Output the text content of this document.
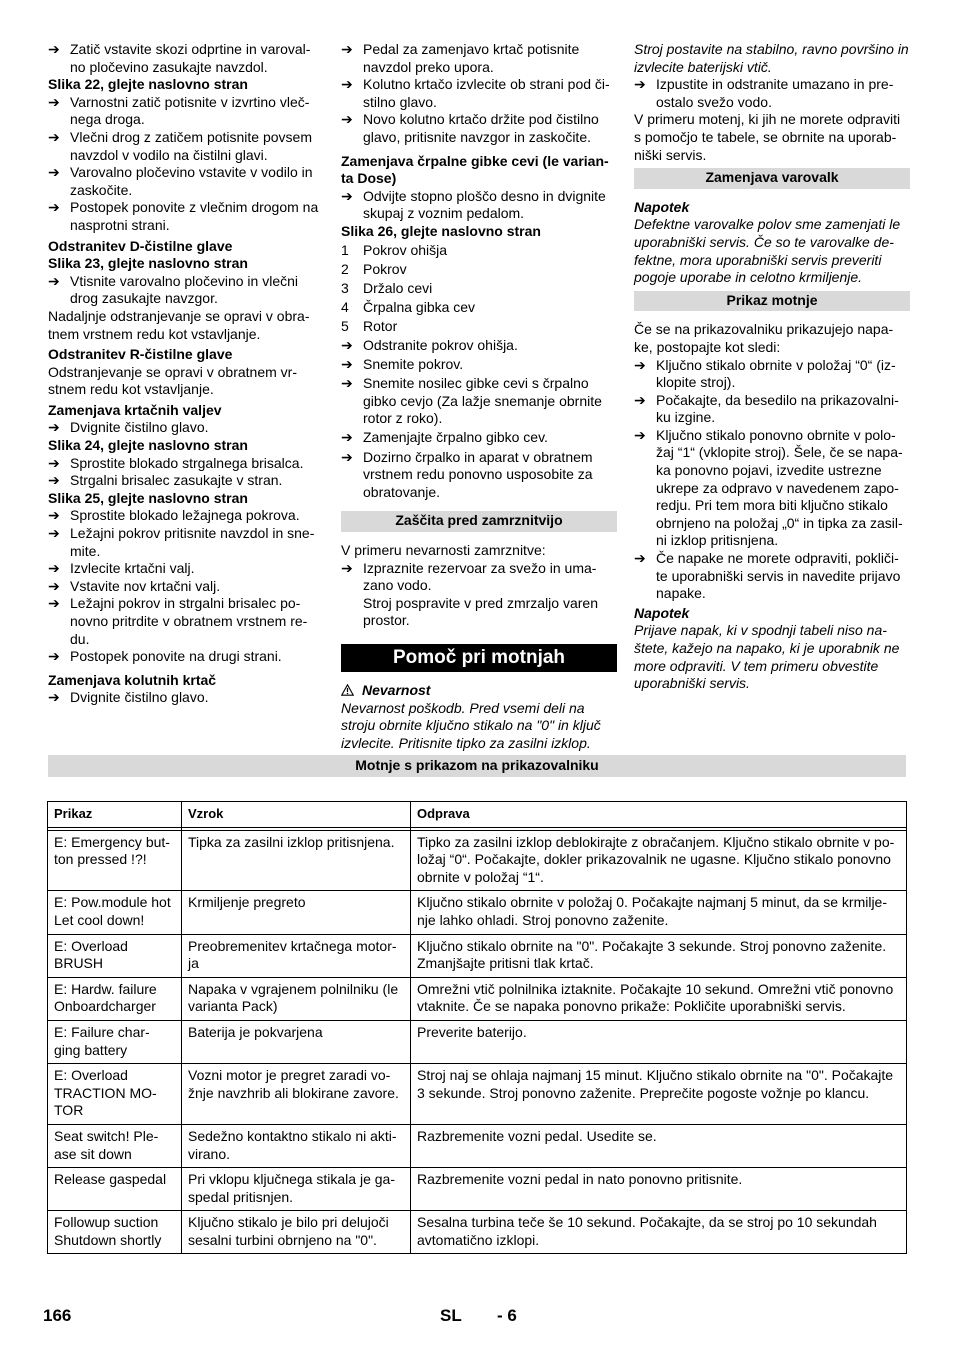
➔ Zatič vstavite skozi odprtine in varoval-no pločevino zasukajte navzdol.

Slika 22, glejte naslovno stran

➔ Varnostni zatič potisnite v izvrtino vleč-nega droga.
➔ Vlečni drog z zatičem potisnite povsem navzdol v vodilo na čistilni glavi.
➔ Varovalno pločevino vstavite v vodilo in zaskočite.
➔ Postopek ponovite z vlečnim drogom na nasprotni strani.

Odstranitev D-čistilne glave

Slika 23, glejte naslovno stran

➔ Vtisnite varovalno pločevino in vlečni drog zasukajte navzgor.

Nadaljnje odstranjevanje se opravi v obra-tnem vrstnem redu kot vstavljanje.

Odstranitev R-čistilne glave

Odstranjevanje se opravi v obratnem vr-stnem redu kot vstavljanje.

Zamenjava krtačnih valjev

➔ Dvignite čistilno glavo.

Slika 24, glejte naslovno stran

➔ Sprostite blokado strgalnega brisalca.
➔ Strgalni brisalec zasukajte v stran.

Slika 25, glejte naslovno stran

➔ Sprostite blokado ležajnega pokrova.
➔ Ležajni pokrov pritisnite navzdol in sne-mite.
➔ Izvlecite krtačni valj.
➔ Vstavite nov krtačni valj.
➔ Ležajni pokrov in strgalni brisalec po-novno pritrdite v obratnem vrstnem re-du.
➔ Postopek ponovite na drugi strani.

Zamenjava kolutnih krtač

➔ Dvignite čistilno glavo.
➔ Pedal za zamenjavo krtač potisnite navzdol preko upora.
➔ Kolutno krtačo izvlecite ob strani pod či-stilno glavo.
➔ Novo kolutno krtačo držite pod čistilno glavo, pritisnite navzgor in zaskočite.

Zamenjava črpalne gibke cevi (le varian-ta Dose)

➔ Odvijte stopno ploščo desno in dvignite skupaj z voznim pedalom.

Slika 26, glejte naslovno stran

1	Pokrov ohišja
2	Pokrov
3	Držalo cevi
4	Črpalna gibka cev
5	Rotor
➔ Odstranite pokrov ohišja.
➔ Snemite pokrov.
➔ Snemite nosilec gibke cevi s črpalno gibko cevjo (Za lažje snemanje obrnite rotor z roko).
➔ Zamenjajte črpalno gibko cev.
➔ Dozirno črpalko in aparat v obratnem vrstnem redu ponovno usposobite za obratovanje.
Zaščita pred zamrznitvijo

V primeru nevarnosti zamrznitve:

➔ Izpraznite rezervoar za svežo in uma-zano vodo.

Stroj pospravite v pred zmrzaljo varen prostor.

Pomoč pri motnjah

Nevarnost

Nevarnost poškodb. Pred vsemi deli na stroju obrnite ključno stikalo na "0" in ključ izvlecite. Pritisnite tipko za zasilni izklop.

Stroj postavite na stabilno, ravno površino in izvlecite baterijski vtič.

➔ Izpustite in odstranite umazano in pre-ostalo svežo vodo.

V primeru motenj, ki jih ne morete odpraviti s pomočjo te tabele, se obrnite na uporab-niški servis.

Zamenjava varovalk

Napotek

Defektne varovalke polov sme zamenjati le uporabniški servis. Če so te varovalke de-fektne, mora uporabniški servis preveriti pogoje uporabe in celotno krmiljenje.

Prikaz motnje

Če se na prikazovalniku prikazujejo napa-ke, postopajte kot sledi:

➔ Ključno stikalo obrnite v položaj “0“ (iz-klopite stroj).
➔ Počakajte, da besedilo na prikazovalni-ku izgine.
➔ Ključno stikalo ponovno obrnite v polo-žaj “1“ (vklopite stroj). Šele, če se napa-ka ponovno pojavi, izvedite ustrezne ukrepe za odpravo v navedenem zapo-redju. Pri tem mora biti ključno stikalo obrnjeno na položaj „0“ in tipka za zasil-ni izklop pritisnjena.
➔ Če napake ne morete odpraviti, pokliči-te uporabniški servis in navedite prijavo napake.

Napotek

Prijave napak, ki v spodnji tabeli niso na-štete, kažejo na napako, ki je uporabnik ne more odpraviti. V tem primeru obvestite uporabniški servis.

Motnje s prikazom na prikazovalniku
Prikaz	Vzrok	Odprava

E: Emergency but-ton pressed !?!	Tipka za zasilni izklop pritisnjena.	Tipko za zasilni izklop deblokirajte z obračanjem. Ključno stikalo obrnite v po-ložaj “0“. Počakajte, dokler prikazovalnik ne ugasne. Ključno stikalo ponovno obrnite v položaj “1“.
E: Pow.module hot Let cool down!	Krmiljenje pregreto	Ključno stikalo obrnite v položaj 0. Počakajte najmanj 5 minut, da se krmilje-nje lahko ohladi. Stroj ponovno zaženite.
E: Overload BRUSH	Preobremenitev krtačnega motor-ja	Ključno stikalo obrnite na "0". Počakajte 3 sekunde. Stroj ponovno zaženite. Zmanjšajte pritisni tlak krtač.
E: Hardw. failure Onboardcharger	Napaka v vgrajenem polnilniku (le varianta Pack)	Omrežni vtič polnilnika iztaknite. Počakajte 10 sekund. Omrežni vtič ponovno vtaknite. Če se napaka ponovno prikaže: Pokličite uporabniški servis.
E: Failure char-ging battery	Baterija je pokvarjena	Preverite baterijo.
E: Overload TRACTION MO-TOR	Vozni motor je pregret zaradi vo-žnje navzhrib ali blokirane zavore.	Stroj naj se ohlaja najmanj 15 minut. Ključno stikalo obrnite na "0". Počakajte 3 sekunde. Stroj ponovno zaženite. Preprečite pogoste vožnje po klancu.
Seat switch! Ple-ase sit down	Sedežno kontaktno stikalo ni akti-virano.	Razbremenite vozni pedal. Usedite se.
Release gaspedal	Pri vklopu ključnega stikala je ga-spedal pritisnjen.	Razbremenite vozni pedal in nato ponovno pritisnite.
Followup suction Shutdown shortly	Ključno stikalo je bilo pri delujoči sesalni turbini obrnjeno na "0".	Sesalna turbina teče še 10 sekund. Počakajte, da se stroj po 10 sekundah avtomatično izklopi.
166	SL - 6
